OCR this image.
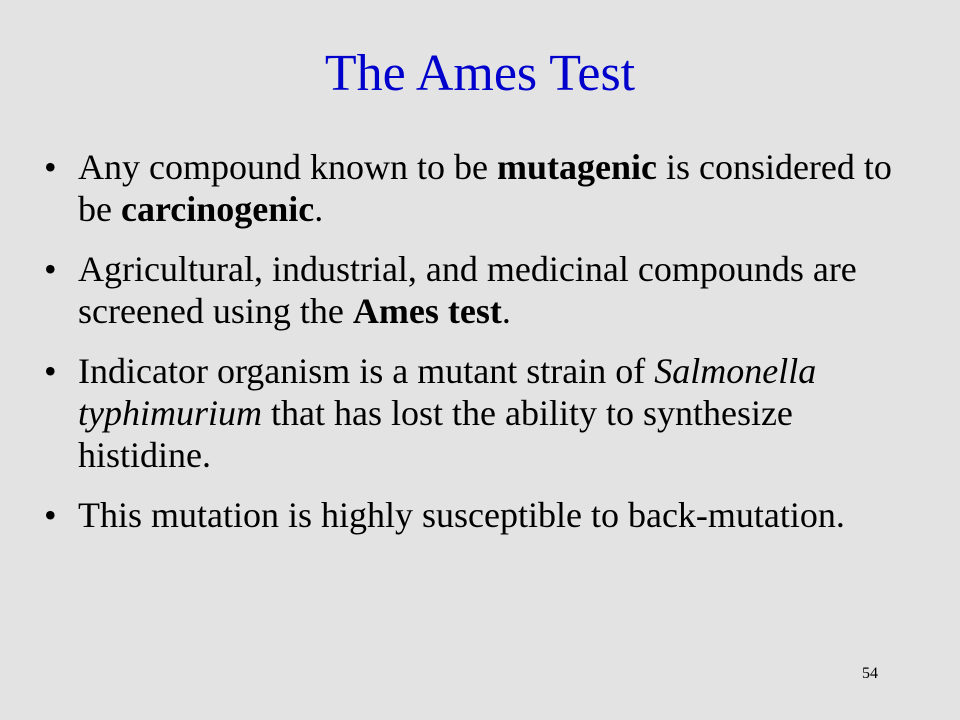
The Ames Test
• Any compound known to be mutagenic is considered to be carcinogenic.
• Agricultural, industrial, and medicinal compounds are screened using the Ames test.
• Indicator organism is a mutant strain of Salmonella typhimurium that has lost the ability to synthesize histidine.
• This mutation is highly susceptible to back-mutation.
54
